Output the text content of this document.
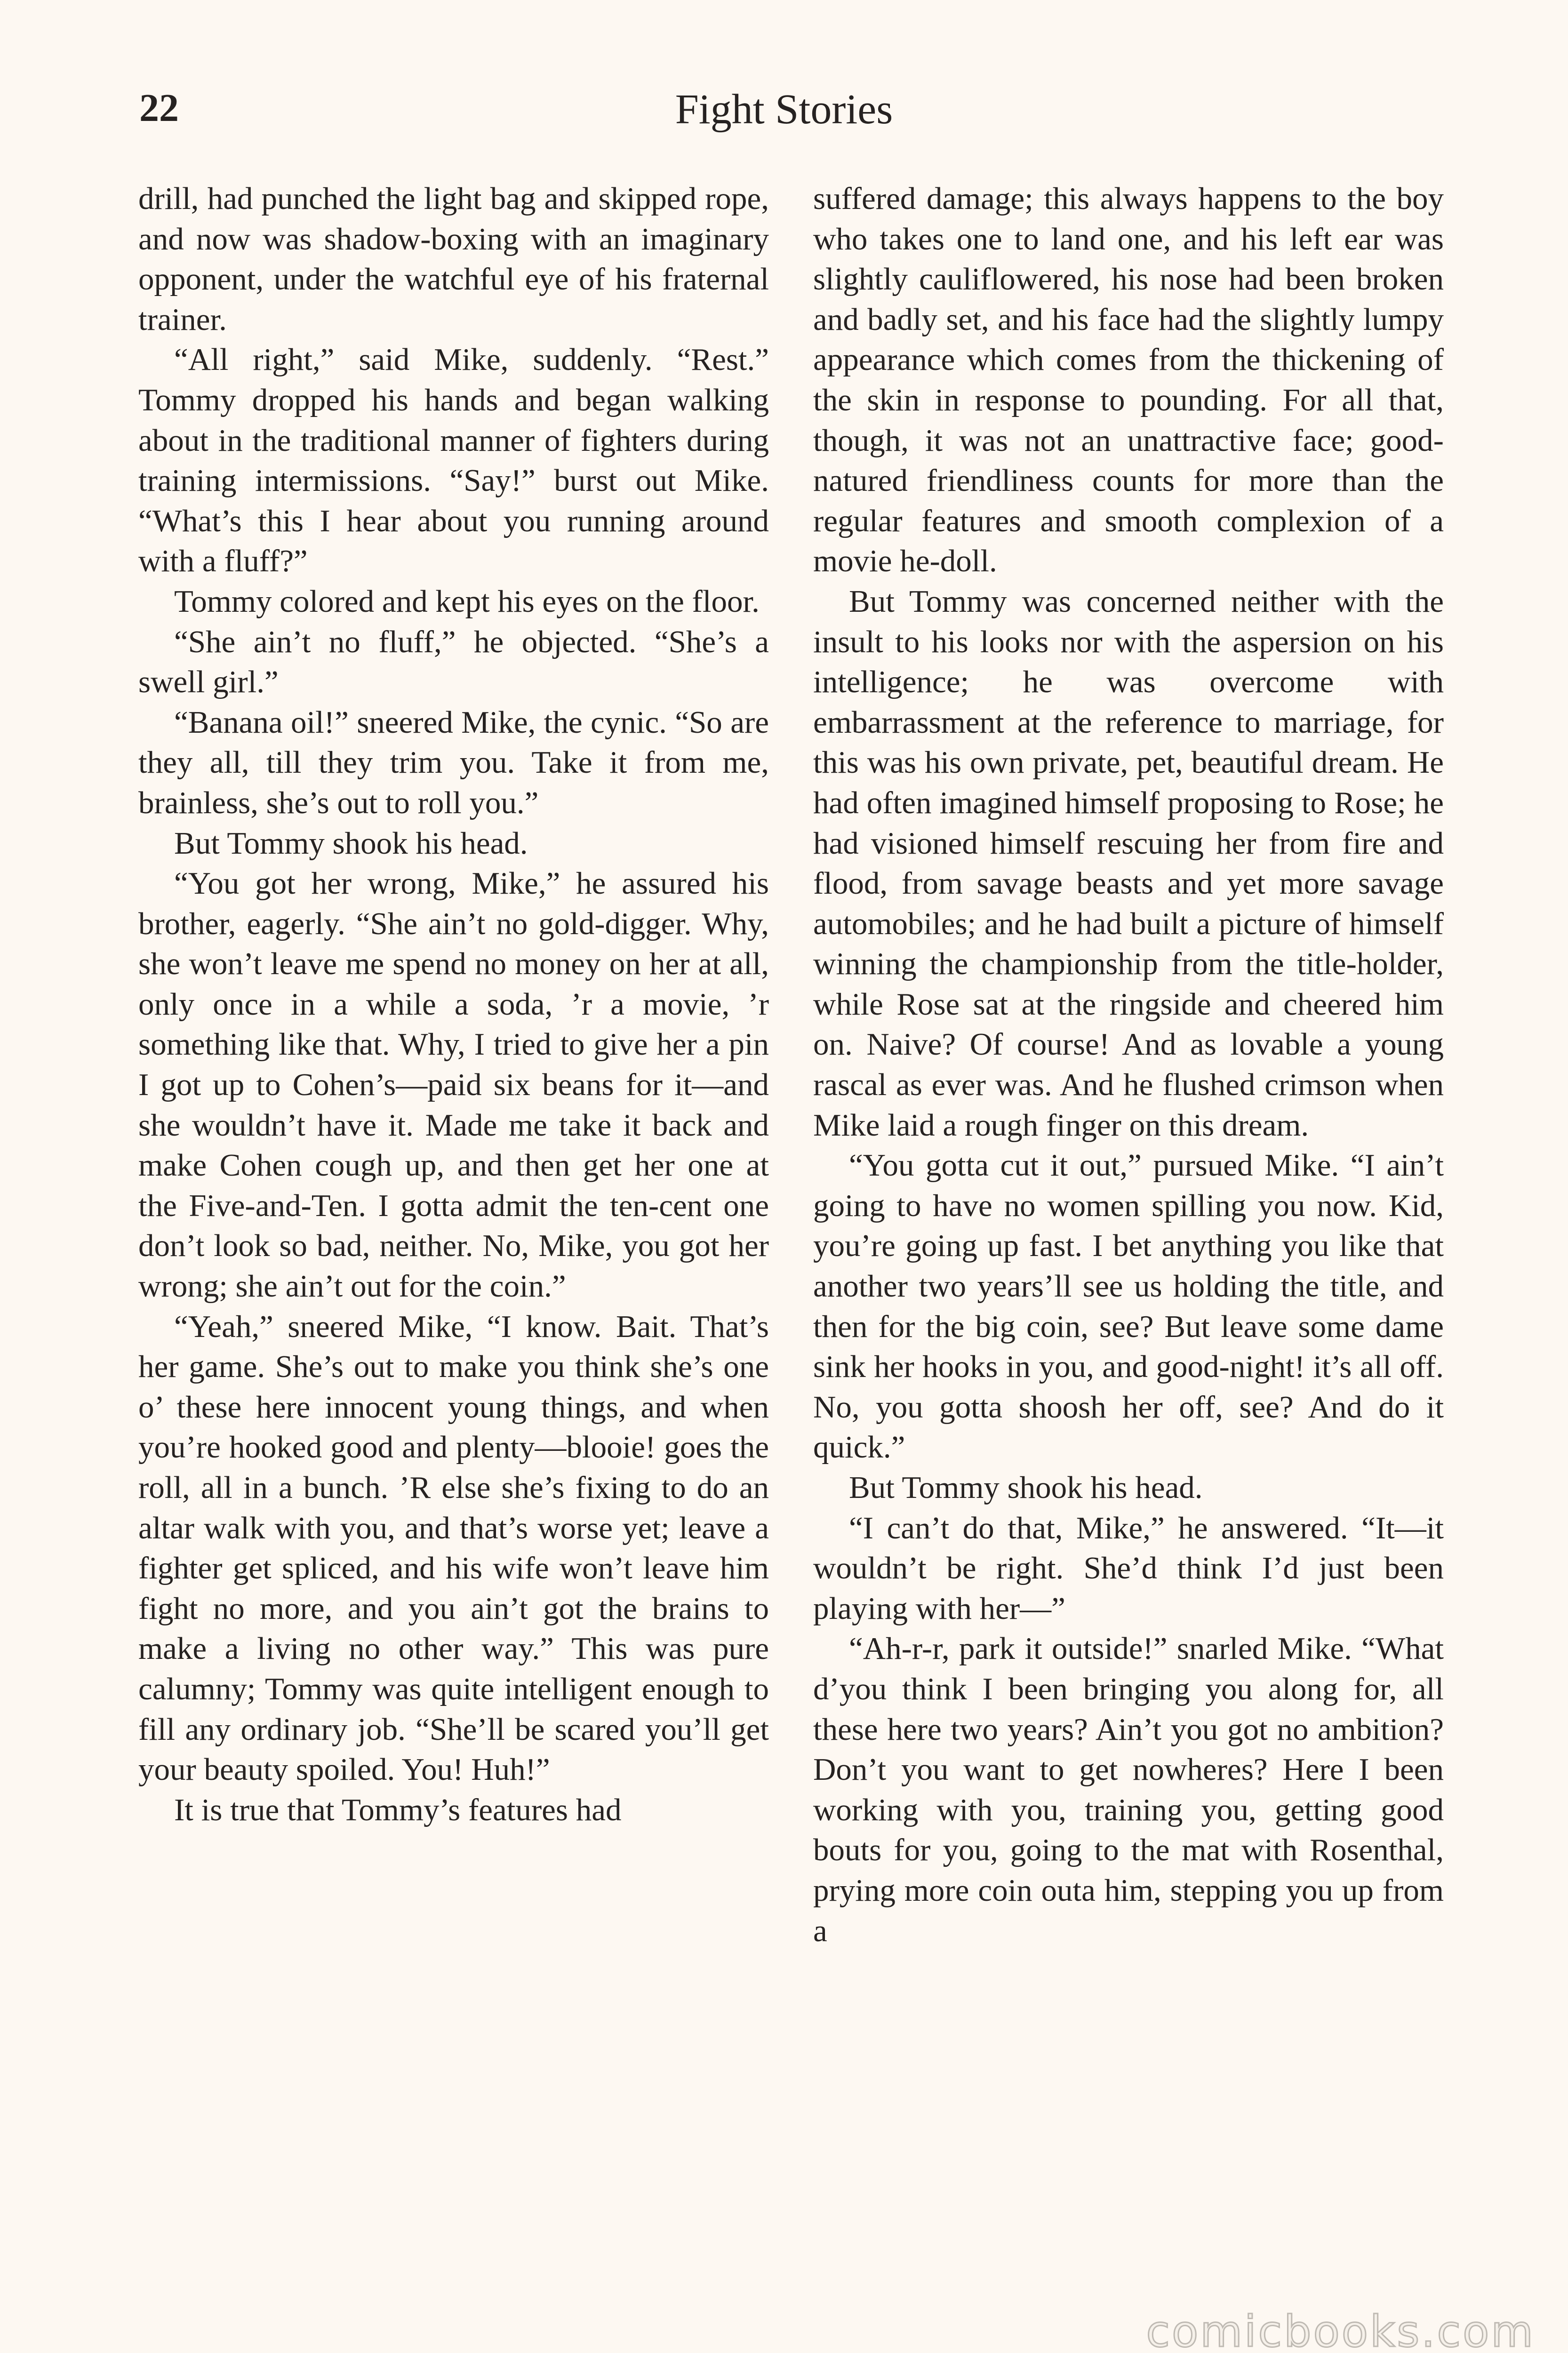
22	Fight Stories

drill, had punched the light bag and skipped rope, and now was shadow-boxing with an imaginary opponent, under the watchful eye of his fraternal trainer.

“All right,” said Mike, suddenly. “Rest.” Tommy dropped his hands and began walking about in the traditional manner of fighters during training intermissions. “Say!” burst out Mike. “What’s this I hear about you running around with a fluff?”

Tommy colored and kept his eyes on the floor.

“She ain’t no fluff,” he objected. “She’s a swell girl.”

“Banana oil!” sneered Mike, the cynic. “So are they all, till they trim you. Take it from me, brainless, she’s out to roll you.”

But Tommy shook his head.

“You got her wrong, Mike,” he assured his brother, eagerly. “She ain’t no gold-digger. Why, she won’t leave me spend no money on her at all, only once in a while a soda, ’r a movie, ’r something like that. Why, I tried to give her a pin I got up to Cohen’s—paid six beans for it—and she wouldn’t have it. Made me take it back and make Cohen cough up, and then get her one at the Five-and-Ten. I gotta admit the ten-cent one don’t look so bad, neither. No, Mike, you got her wrong; she ain’t out for the coin.”

“Yeah,” sneered Mike, “I know. Bait. That’s her game. She’s out to make you think she’s one o’ these here innocent young things, and when you’re hooked good and plenty—blooie! goes the roll, all in a bunch. ’R else she’s fixing to do an altar walk with you, and that’s worse yet; leave a fighter get spliced, and his wife won’t leave him fight no more, and you ain’t got the brains to make a living no other way.” This was pure calumny; Tommy was quite intelligent enough to fill any ordinary job. “She’ll be scared you’ll get your beauty spoiled. You! Huh!”

It is true that Tommy’s features had

suffered damage; this always happens to the boy who takes one to land one, and his left ear was slightly cauliflowered, his nose had been broken and badly set, and his face had the slightly lumpy appearance which comes from the thickening of the skin in response to pounding. For all that, though, it was not an unattractive face; good-natured friendliness counts for more than the regular features and smooth complexion of a movie he-doll.

But Tommy was concerned neither with the insult to his looks nor with the aspersion on his intelligence; he was overcome with embarrassment at the reference to marriage, for this was his own private, pet, beautiful dream. He had often imagined himself proposing to Rose; he had visioned himself rescuing her from fire and flood, from savage beasts and yet more savage automobiles; and he had built a picture of himself winning the championship from the title-holder, while Rose sat at the ringside and cheered him on. Naive? Of course! And as lovable a young rascal as ever was. And he flushed crimson when Mike laid a rough finger on this dream.

“You gotta cut it out,” pursued Mike. “I ain’t going to have no women spilling you now. Kid, you’re going up fast. I bet anything you like that another two years’ll see us holding the title, and then for the big coin, see? But leave some dame sink her hooks in you, and good-night! it’s all off. No, you gotta shoosh her off, see? And do it quick.”

But Tommy shook his head.

“I can’t do that, Mike,” he answered. “It—it wouldn’t be right. She’d think I’d just been playing with her—”

“Ah-r-r, park it outside!” snarled Mike. “What d’you think I been bringing you along for, all these here two years? Ain’t you got no ambition? Don’t you want to get nowheres? Here I been working with you, training you, getting good bouts for you, going to the mat with Rosenthal, prying more coin outa him, stepping you up from a

comicbooks.com
